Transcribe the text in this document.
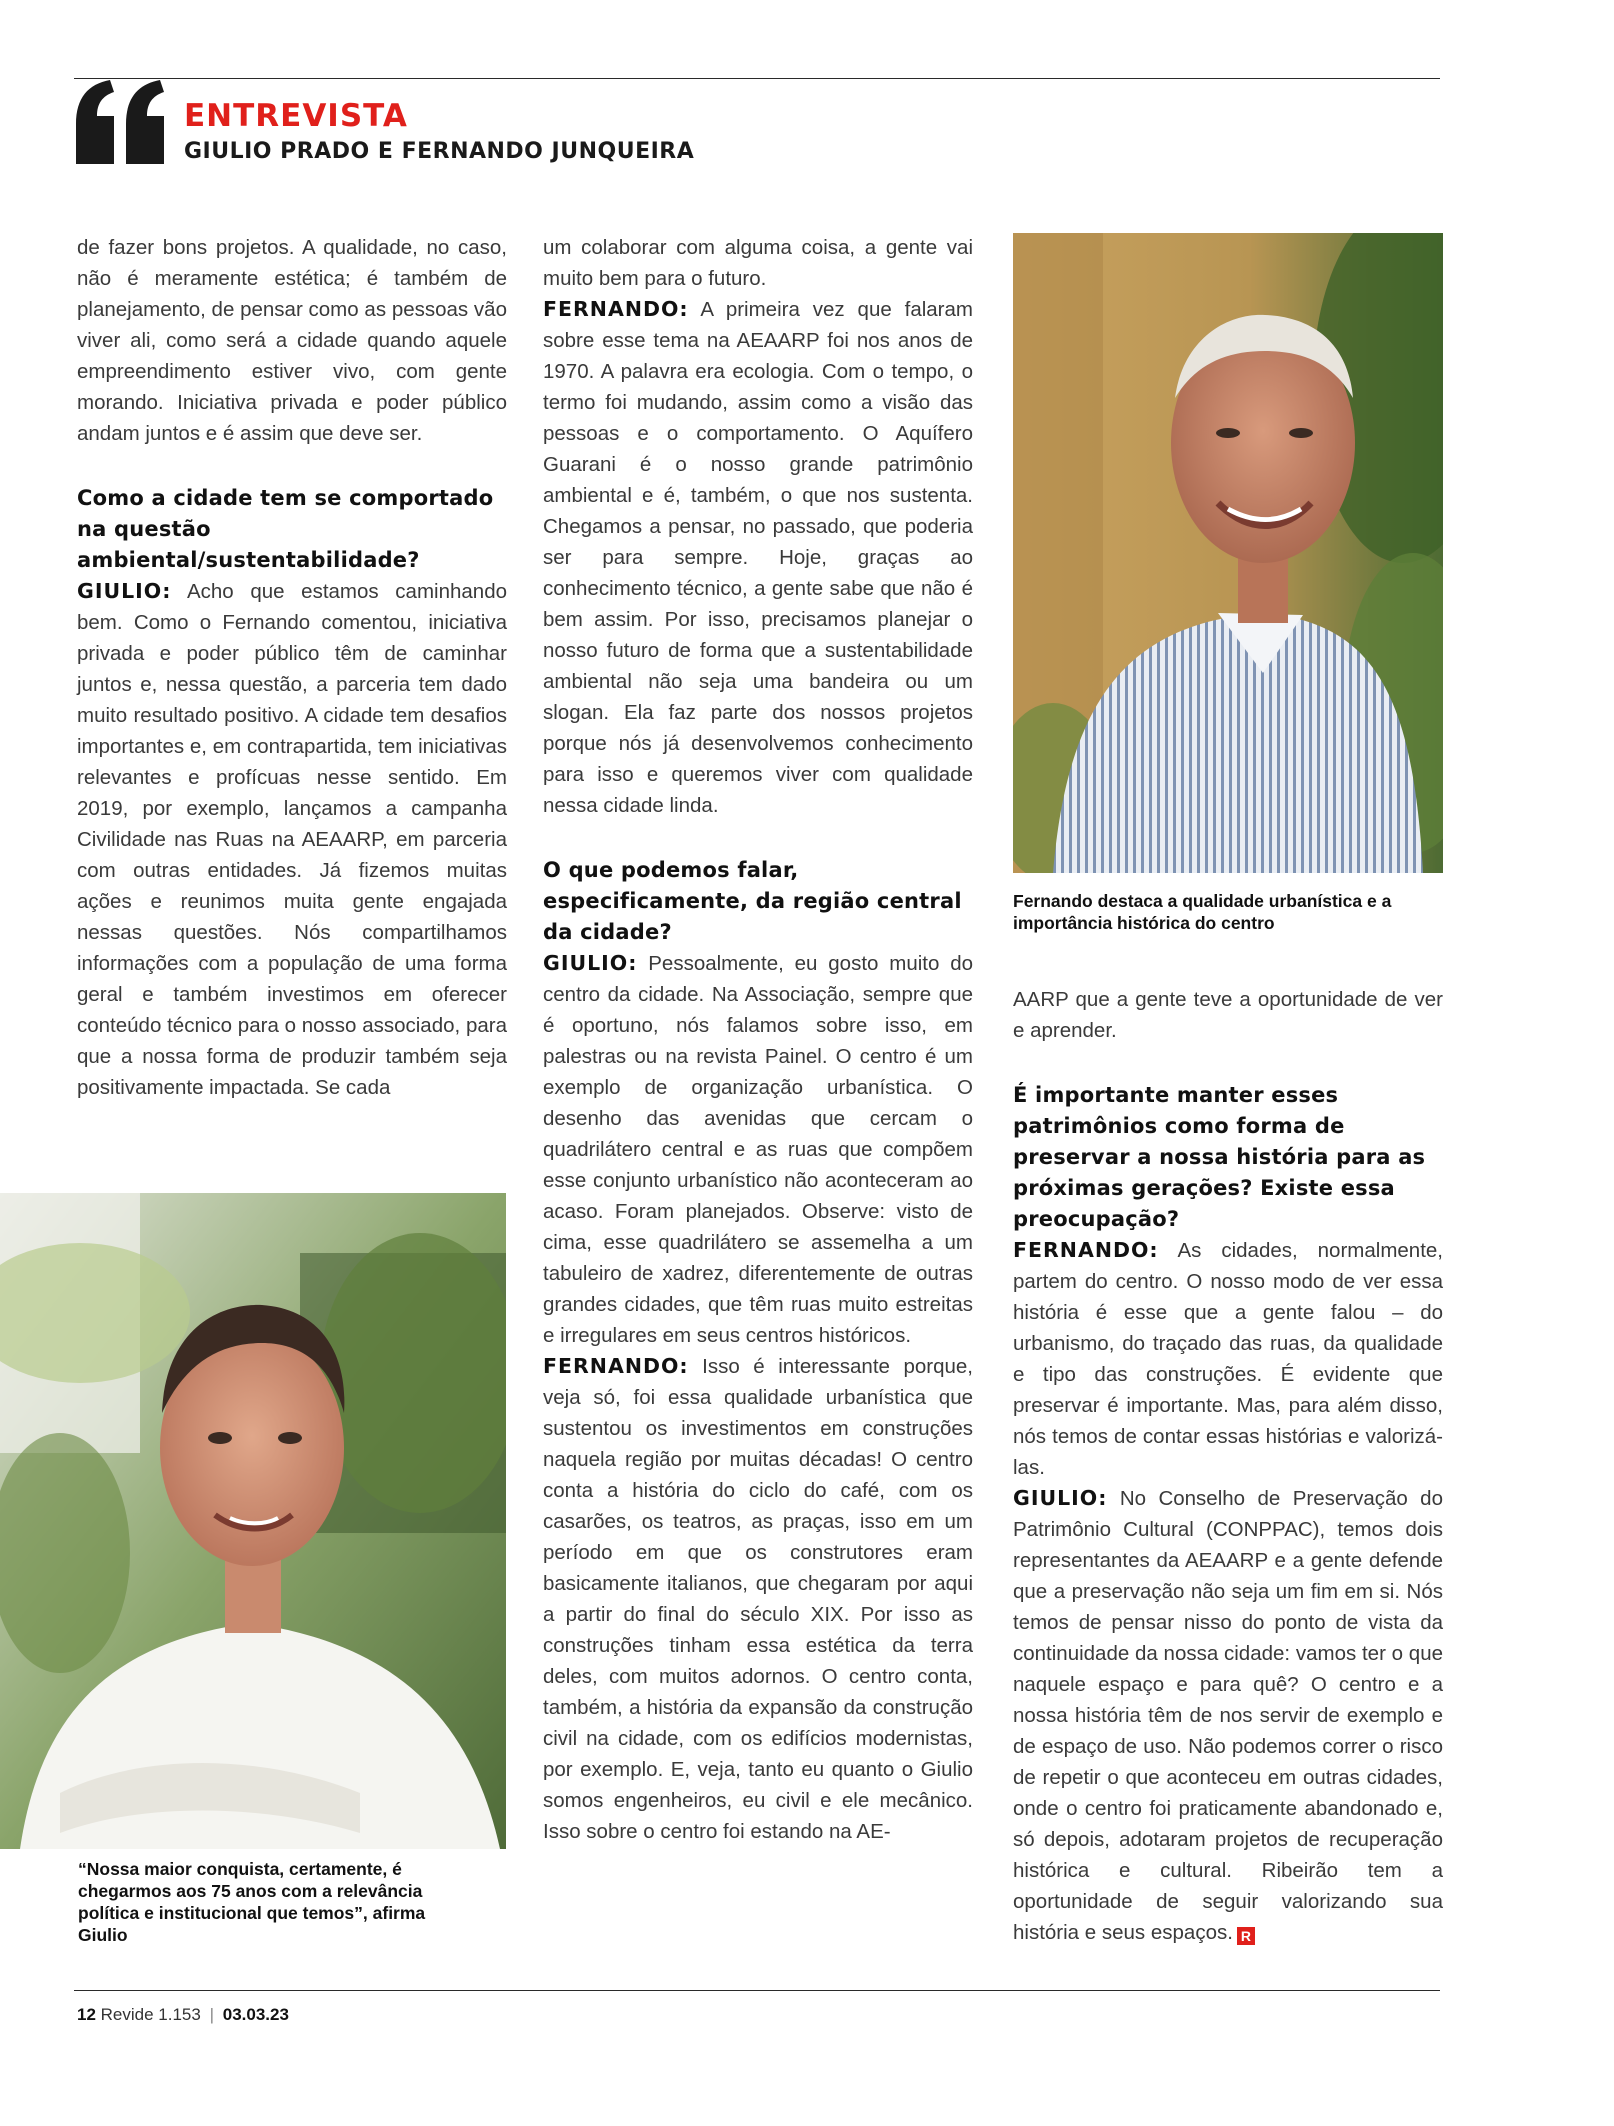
ENTREVISTA
GIULIO PRADO E FERNANDO JUNQUEIRA

de fazer bons projetos. A qualidade, no caso, não é meramente estética; é também de planejamento, de pensar como as pessoas vão viver ali, como será a cidade quando aquele empreendimento estiver vivo, com gente morando. Iniciativa privada e poder público andam juntos e é assim que deve ser.

Como a cidade tem se comportado na questão ambiental/sustentabilidade?

GIULIO: Acho que estamos caminhando bem. Como o Fernando comentou, iniciativa privada e poder público têm de caminhar juntos e, nessa questão, a parceria tem dado muito resultado positivo. A cidade tem desafios importantes e, em contrapartida, tem iniciativas relevantes e profícuas nesse sentido. Em 2019, por exemplo, lançamos a campanha Civilidade nas Ruas na AEAARP, em parceria com outras entidades. Já fizemos muitas ações e reunimos muita gente engajada nessas questões. Nós compartilhamos informações com a população de uma forma geral e também investimos em oferecer conteúdo técnico para o nosso associado, para que a nossa forma de produzir também seja positivamente impactada. Se cada

“Nossa maior conquista, certamente, é chegarmos aos 75 anos com a relevância política e institucional que temos”, afirma Giulio

um colaborar com alguma coisa, a gente vai muito bem para o futuro.

FERNANDO: A primeira vez que falaram sobre esse tema na AEAARP foi nos anos de 1970. A palavra era ecologia. Com o tempo, o termo foi mudando, assim como a visão das pessoas e o comportamento. O Aquífero Guarani é o nosso grande patrimônio ambiental e é, também, o que nos sustenta. Chegamos a pensar, no passado, que poderia ser para sempre. Hoje, graças ao conhecimento técnico, a gente sabe que não é bem assim. Por isso, precisamos planejar o nosso futuro de forma que a sustentabilidade ambiental não seja uma bandeira ou um slogan. Ela faz parte dos nossos projetos porque nós já desenvolvemos conhecimento para isso e queremos viver com qualidade nessa cidade linda.

O que podemos falar, especificamente, da região central da cidade?

GIULIO: Pessoalmente, eu gosto muito do centro da cidade. Na Associação, sempre que é oportuno, nós falamos sobre isso, em palestras ou na revista Painel. O centro é um exemplo de organização urbanística. O desenho das avenidas que cercam o quadrilátero central e as ruas que compõem esse conjunto urbanístico não aconteceram ao acaso. Foram planejados. Observe: visto de cima, esse quadrilátero se assemelha a um tabuleiro de xadrez, diferentemente de outras grandes cidades, que têm ruas muito estreitas e irregulares em seus centros históricos.

FERNANDO: Isso é interessante porque, veja só, foi essa qualidade urbanística que sustentou os investimentos em construções naquela região por muitas décadas! O centro conta a história do ciclo do café, com os casarões, os teatros, as praças, isso em um período em que os construtores eram basicamente italianos, que chegaram por aqui a partir do final do século XIX. Por isso as construções tinham essa estética da terra deles, com muitos adornos. O centro conta, também, a história da expansão da construção civil na cidade, com os edifícios modernistas, por exemplo. E, veja, tanto eu quanto o Giulio somos engenheiros, eu civil e ele mecânico. Isso sobre o centro foi estando na AE-

Fernando destaca a qualidade urbanística e a importância histórica do centro

AARP que a gente teve a oportunidade de ver e aprender.

É importante manter esses patrimônios como forma de preservar a nossa história para as próximas gerações? Existe essa preocupação?

FERNANDO: As cidades, normalmente, partem do centro. O nosso modo de ver essa história é esse que a gente falou – do urbanismo, do traçado das ruas, da qualidade e tipo das construções. É evidente que preservar é importante. Mas, para além disso, nós temos de contar essas histórias e valorizá-las.

GIULIO: No Conselho de Preservação do Patrimônio Cultural (CONPPAC), temos dois representantes da AEAARP e a gente defende que a preservação não seja um fim em si. Nós temos de pensar nisso do ponto de vista da continuidade da nossa cidade: vamos ter o que naquele espaço e para quê? O centro e a nossa história têm de nos servir de exemplo e de espaço de uso. Não podemos correr o risco de repetir o que aconteceu em outras cidades, onde o centro foi praticamente abandonado e, só depois, adotaram projetos de recuperação histórica e cultural. Ribeirão tem a oportunidade de seguir valorizando sua história e seus espaços. R

12 Revide 1.153 | 03.03.23
